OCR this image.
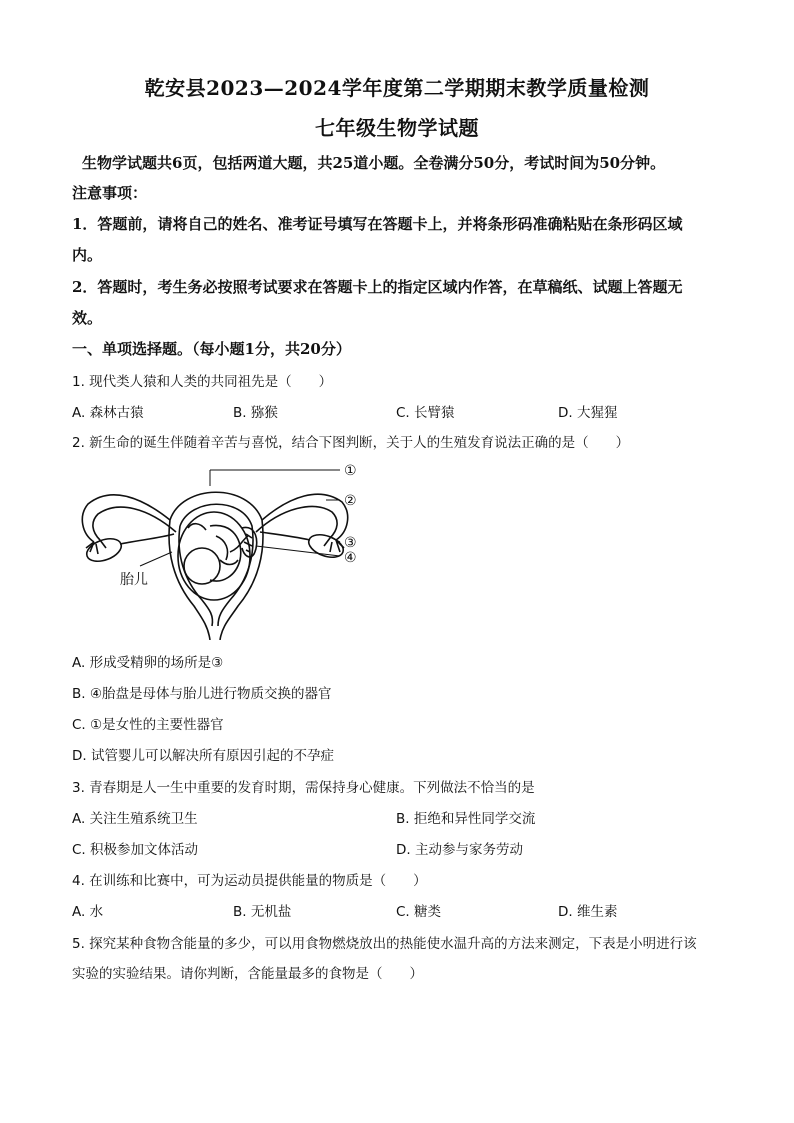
乾安县2023—2024学年度第二学期期末教学质量检测
七年级生物学试题
生物学试题共6页，包括两道大题，共25道小题。全卷满分50分，考试时间为50分钟。
注意事项：
1．答题前，请将自己的姓名、准考证号填写在答题卡上，并将条形码准确粘贴在条形码区域
内。
2．答题时，考生务必按照考试要求在答题卡上的指定区域内作答，在草稿纸、试题上答题无
效。
一、单项选择题。（每小题1分，共20分）
1. 现代类人猿和人类的共同祖先是（　　）
A. 森林古猿	B. 猕猴	C. 长臂猿	D. 大猩猩
2. 新生命的诞生伴随着辛苦与喜悦，结合下图判断，关于人的生殖发育说法正确的是（　　）
①
②
③
④
胎儿
A. 形成受精卵的场所是③
B. ④胎盘是母体与胎儿进行物质交换的器官
C. ①是女性的主要性器官
D. 试管婴儿可以解决所有原因引起的不孕症
3. 青春期是人一生中重要的发育时期，需保持身心健康。下列做法不恰当的是
A. 关注生殖系统卫生	B. 拒绝和异性同学交流
C. 积极参加文体活动	D. 主动参与家务劳动
4. 在训练和比赛中，可为运动员提供能量的物质是（　　）
A. 水	B. 无机盐	C. 糖类	D. 维生素
5. 探究某种食物含能量的多少，可以用食物燃烧放出的热能使水温升高的方法来测定，下表是小明进行该
实验的实验结果。请你判断，含能量最多的食物是（　　）
